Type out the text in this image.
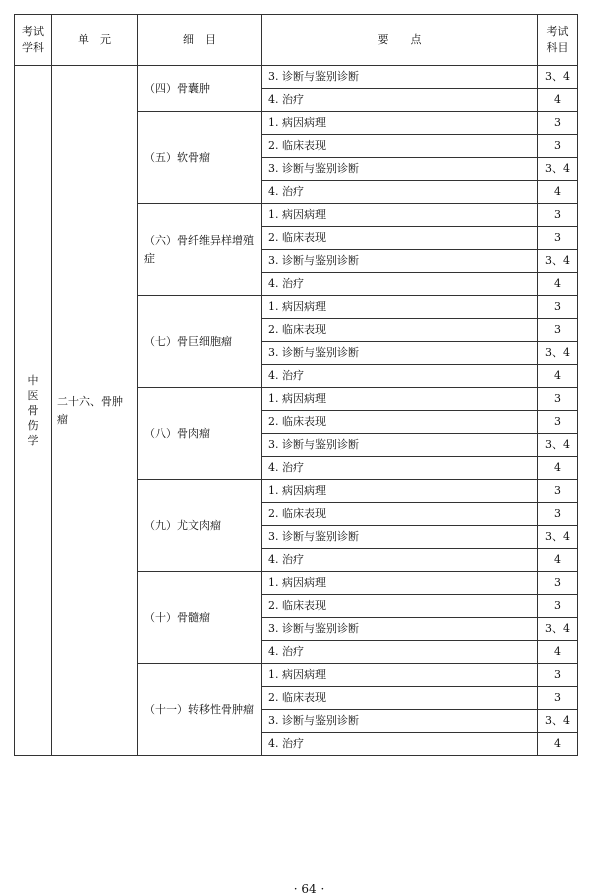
考试学科	单　元	细　目	要　　点	考试科目
中医骨伤学	二十六、骨肿瘤	（四）骨囊肿	3. 诊断与鉴别诊断	3、4
			4. 治疗	4
		（五）软骨瘤	1. 病因病理	3
			2. 临床表现	3
			3. 诊断与鉴别诊断	3、4
			4. 治疗	4
		（六）骨纤维异样增殖症	1. 病因病理	3
			2. 临床表现	3
			3. 诊断与鉴别诊断	3、4
			4. 治疗	4
		（七）骨巨细胞瘤	1. 病因病理	3
			2. 临床表现	3
			3. 诊断与鉴别诊断	3、4
			4. 治疗	4
		（八）骨肉瘤	1. 病因病理	3
			2. 临床表现	3
			3. 诊断与鉴别诊断	3、4
			4. 治疗	4
		（九）尤文肉瘤	1. 病因病理	3
			2. 临床表现	3
			3. 诊断与鉴别诊断	3、4
			4. 治疗	4
		（十）骨髓瘤	1. 病因病理	3
			2. 临床表现	3
			3. 诊断与鉴别诊断	3、4
			4. 治疗	4
		（十一）转移性骨肿瘤	1. 病因病理	3
			2. 临床表现	3
			3. 诊断与鉴别诊断	3、4
			4. 治疗	4
· 64 ·
